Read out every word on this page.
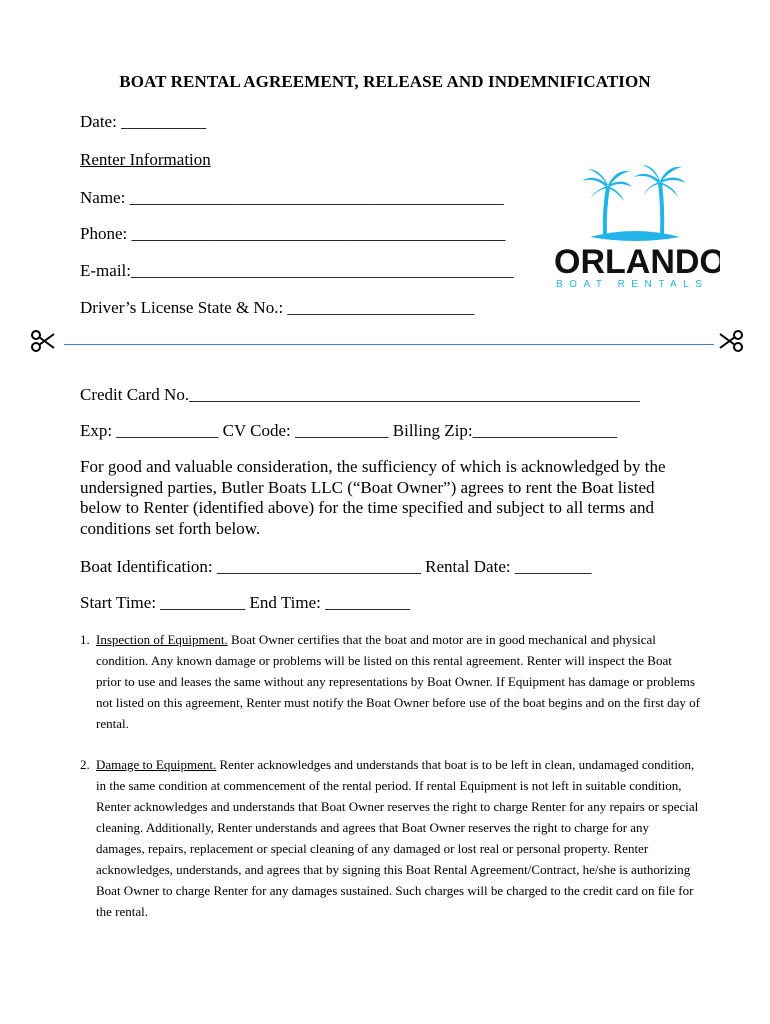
BOAT RENTAL AGREEMENT, RELEASE AND INDEMNIFICATION
Date: __________
Renter Information
Name: ____________________________________________
Phone: ____________________________________________
E-mail:_____________________________________________
Driver’s License State & No.: ______________________
ORLANDO
BOAT RENTALS
Credit Card No._____________________________________________________
Exp: ____________ CV Code: ___________ Billing Zip:_________________
For good and valuable consideration, the sufficiency of which is acknowledged by the undersigned parties, Butler Boats LLC (“Boat Owner”) agrees to rent the Boat listed below to Renter (identified above) for the time specified and subject to all terms and conditions set forth below.
Boat Identification: ________________________ Rental Date: _________
Start Time: __________ End Time: __________
1. Inspection of Equipment. Boat Owner certifies that the boat and motor are in good mechanical and physical condition. Any known damage or problems will be listed on this rental agreement. Renter will inspect the Boat prior to use and leases the same without any representations by Boat Owner. If Equipment has damage or problems not listed on this agreement, Renter must notify the Boat Owner before use of the boat begins and on the first day of rental.
2. Damage to Equipment. Renter acknowledges and understands that boat is to be left in clean, undamaged condition, in the same condition at commencement of the rental period. If rental Equipment is not left in suitable condition, Renter acknowledges and understands that Boat Owner reserves the right to charge Renter for any repairs or special cleaning. Additionally, Renter understands and agrees that Boat Owner reserves the right to charge for any damages, repairs, replacement or special cleaning of any damaged or lost real or personal property. Renter acknowledges, understands, and agrees that by signing this Boat Rental Agreement/Contract, he/she is authorizing Boat Owner to charge Renter for any damages sustained. Such charges will be charged to the credit card on file for the rental.
